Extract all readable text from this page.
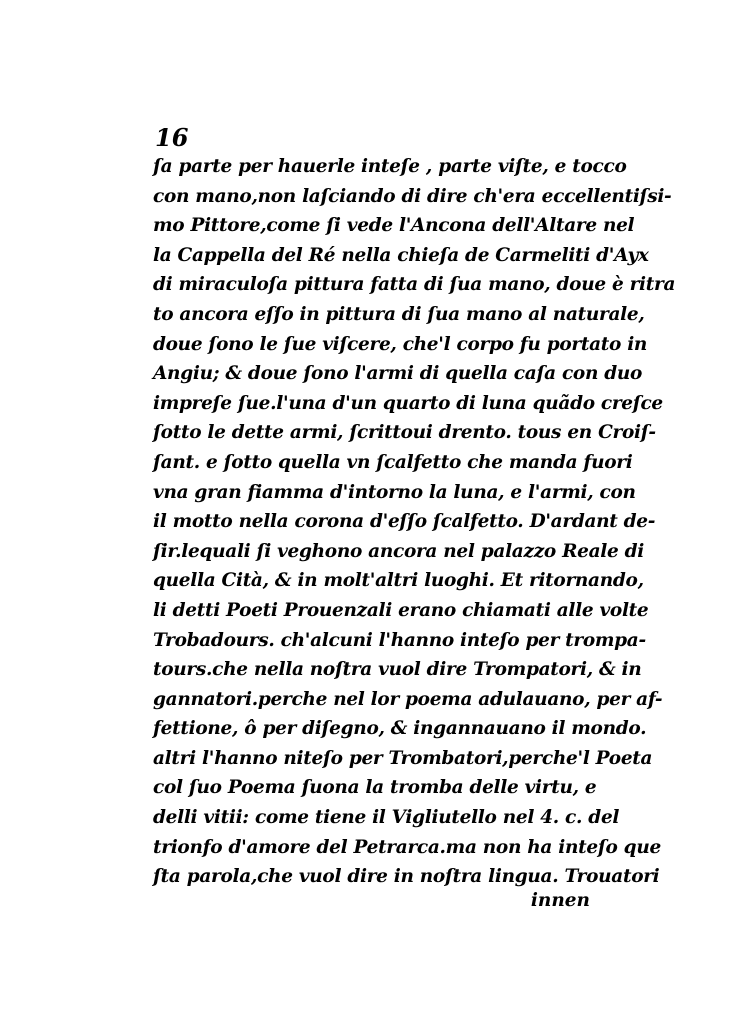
16
ſa parte per hauerle inteſe , parte viſte, e tocco
con mano,non laſciando di dire ch'era eccellentiſsi-
mo Pittore,come ſi vede l'Ancona dell'Altare nel
la Cappella del Ré nella chieſa de Carmeliti d'Ayx
di miraculoſa pittura fatta di ſua mano, doue è ritra
to ancora eſſo in pittura di ſua mano al naturale,
doue ſono le ſue viſcere, che'l corpo fu portato in
Angiu; & doue ſono l'armi di quella caſa con duo
impreſe ſue.l'una d'un quarto di luna quãdo creſce
ſotto le dette armi, ſcrittoui drento. tous en Croiſ-
ſant. e ſotto quella vn ſcalfetto che manda fuori
vna gran fiamma d'intorno la luna, e l'armi, con
il motto nella corona d'eſſo ſcalfetto. D'ardant de-
ſir.lequali ſi veghono ancora nel palazzo Reale di
quella Cità, & in molt'altri luoghi. Et ritornando,
li detti Poeti Prouenzali erano chiamati alle volte
Trobadours. ch'alcuni l'hanno inteſo per trompa-
tours.che nella noſtra vuol dire Trompatori, & in
gannatori.perche nel lor poema adulauano, per af-
fettione, ô per diſegno, & ingannauano il mondo.
altri l'hanno niteſo per Trombatori,perche'l Poeta
col ſuo Poema ſuona la tromba delle virtu, e
delli vitii: come tiene il Vigliutello nel 4. c. del
trionfo d'amore del Petrarca.ma non ha inteſo que
ſta parola,che vuol dire in noſtra lingua. Trouatori
innen
